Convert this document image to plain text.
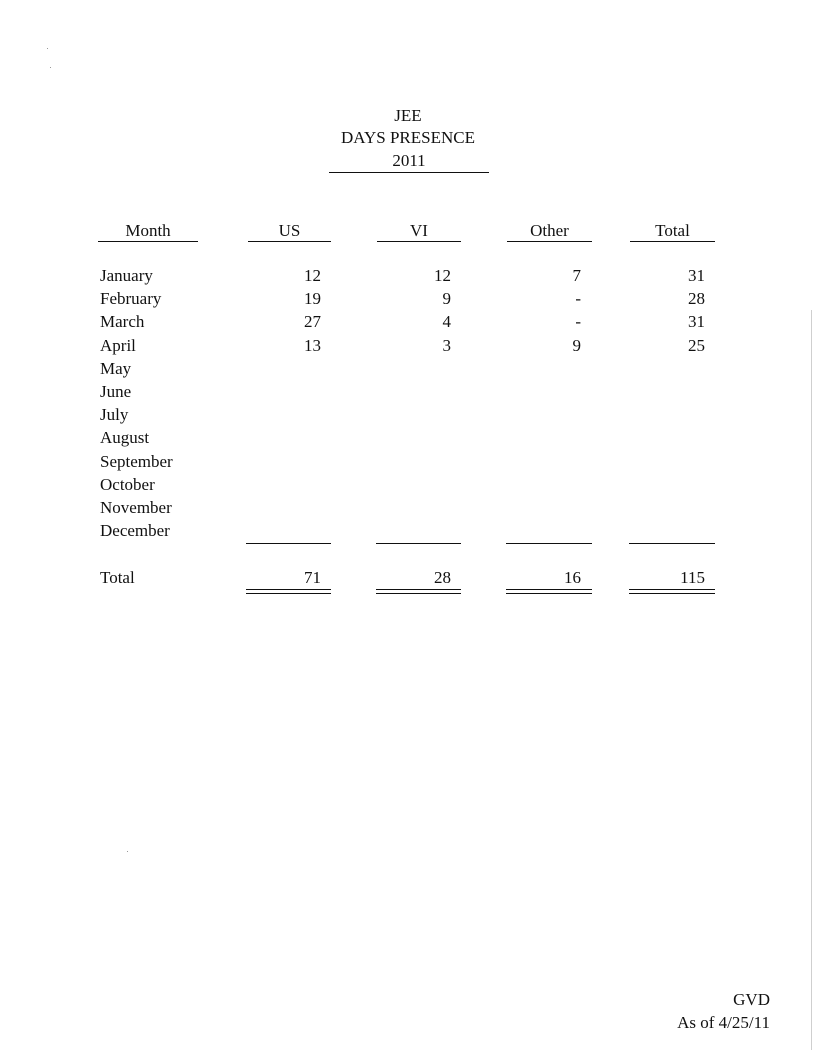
JEE
DAYS PRESENCE
2011
Month	US	VI	Other	Total
January	12	12	7	31
February	19	9	-	28
March	27	4	-	31
April	13	3	9	25
May
June
July
August
September
October
November
December
Total	71	28	16	115
GVD
As of 4/25/11
